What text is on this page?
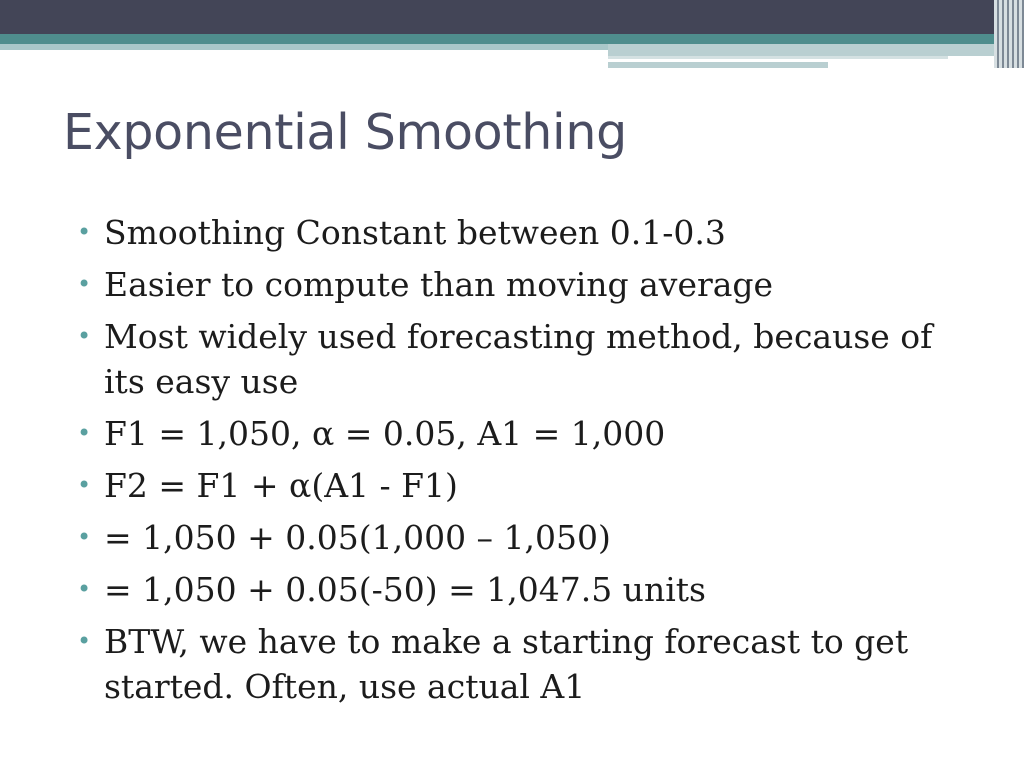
Exponential Smoothing
• Smoothing Constant between 0.1-0.3
• Easier to compute than moving average
• Most widely used forecasting method, because of its easy use
• F1 = 1,050, α = 0.05, A1 = 1,000
• F2 = F1 + α(A1 - F1)
• = 1,050 + 0.05(1,000 – 1,050)
• = 1,050 + 0.05(-50) = 1,047.5 units
• BTW, we have to make a starting forecast to get started. Often, use actual A1
